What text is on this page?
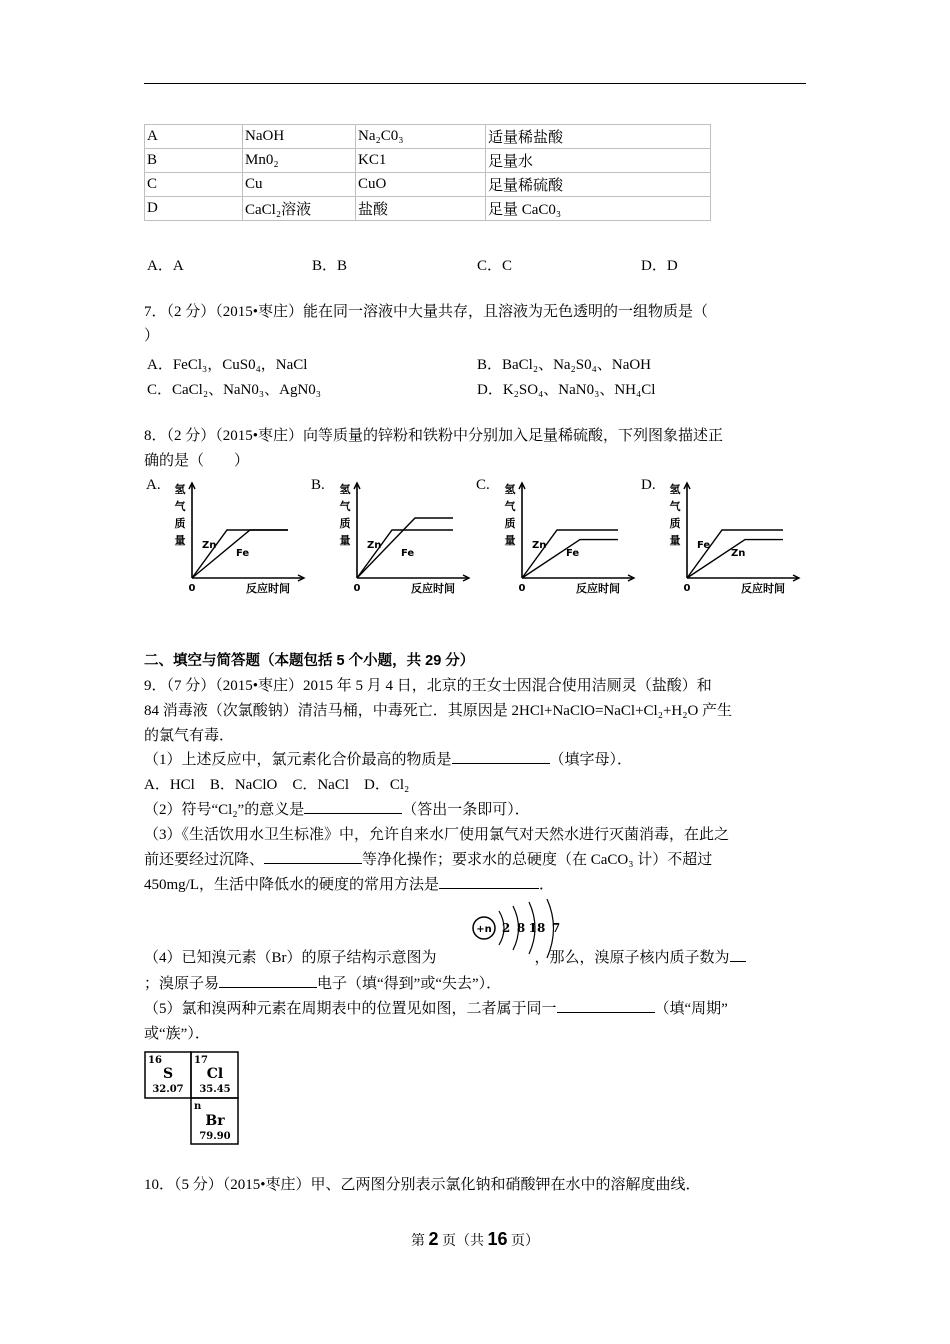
A	NaOH	Na₂C0₃	适量稀盐酸
B	Mn0₂	KC1	足量水
C	Cu	CuO	足量稀硫酸
D	CaCl₂溶液	盐酸	足量 CaC0₃
A．A	B．B	C．C	D．D
7．（2 分）（2015•枣庄）能在同一溶液中大量共存，且溶液为无色透明的一组物质是（
）
A．FeCl₃，CuS0₄，NaCl	B．BaCl₂、Na₂S0₄、NaOH
C．CaCl₂、NaN0₃、AgN0₃	D．K₂SO₄、NaN0₃、NH₄Cl
8．（2 分）（2015•枣庄）向等质量的锌粉和铁粉中分别加入足量稀硫酸，下列图象描述正
确的是（　　）
A. 氢
气
质
量
0	反应时间
Zn
Fe
B. 氢
气
质
量
0	反应时间
Zn
Fe
C. 氢
气
质
量
0	反应时间
Zn
Fe
D. 氢
气
质
量
0	反应时间
Fe
Zn
二、填空与简答题（本题包括 5 个小题，共 29 分）
9．（7 分）（2015•枣庄）2015 年 5 月 4 日，北京的王女士因混合使用洁厕灵（盐酸）和
84 消毒液（次氯酸钠）清洁马桶，中毒死亡．其原因是 2HCl+NaClO=NaCl+Cl₂+H₂O 产生
的氯气有毒．
（1）上述反应中，氯元素化合价最高的物质是	（填字母）．
A．HCl　B．NaClO　C．NaCl　D．Cl₂
（2）符号“Cl₂”的意义是	（答出一条即可）．
（3）《生活饮用水卫生标准》中，允许自来水厂使用氯气对天然水进行灭菌消毒，在此之
前还要经过沉降、	等净化操作；要求水的总硬度（在 CaCO₃ 计）不超过
450mg/L，生活中降低水的硬度的常用方法是	．
+n 2 8 18 7
（4）已知溴元素（Br）的原子结构示意图为	，那么，溴原子核内质子数为
；溴原子易	电子（填“得到”或“失去”）．
（5）氯和溴两种元素在周期表中的位置见如图，二者属于同一	（填“周期”
或“族”）．
16
S
32.07
17
Cl
35.45
n
Br
79.90
10．（5 分）（2015•枣庄）甲、乙两图分别表示氯化钠和硝酸钾在水中的溶解度曲线．
第 2 页（共 16 页）
